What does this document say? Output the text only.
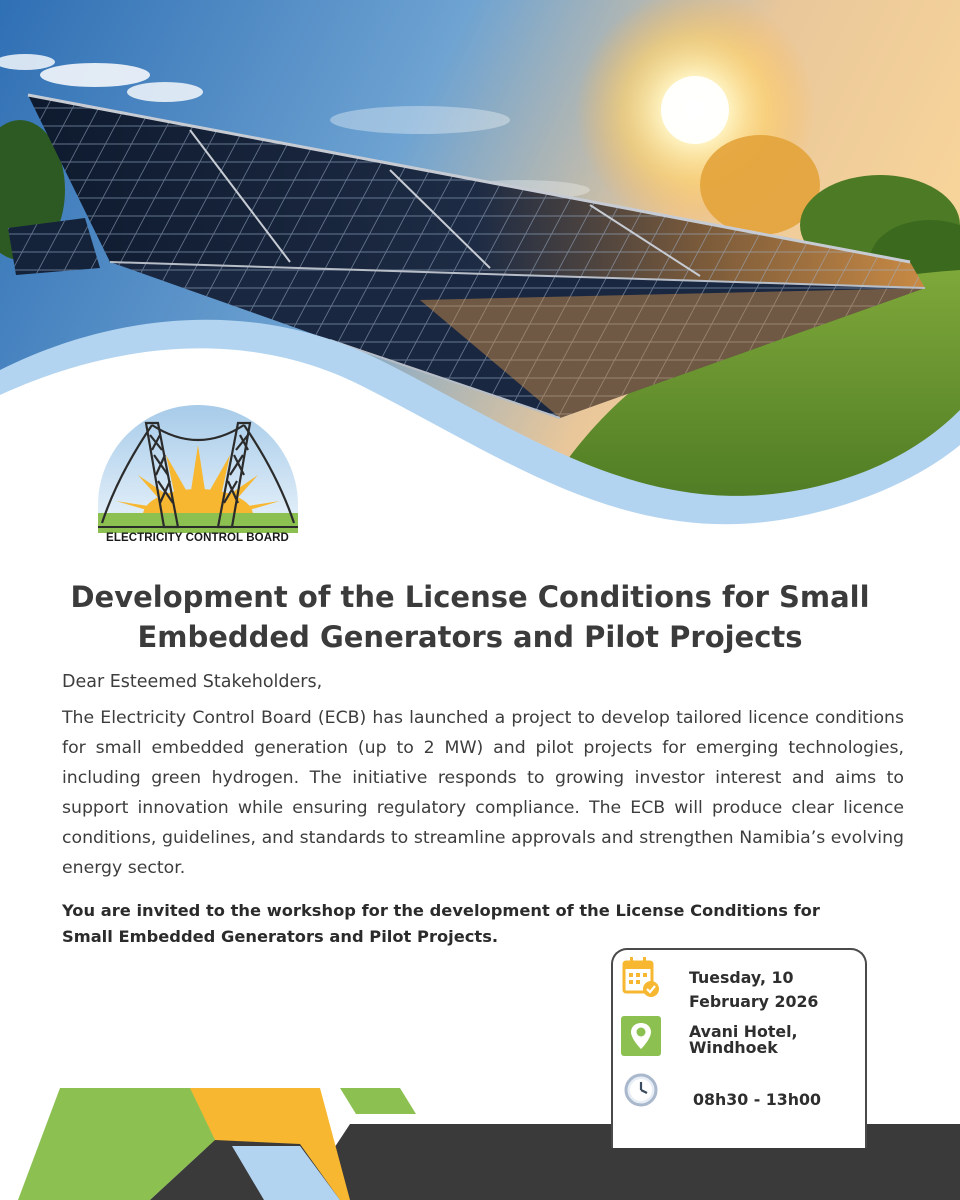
ELECTRICITY CONTROL BOARD
Development of the License Conditions for Small
Embedded Generators and Pilot Projects
Dear Esteemed Stakeholders,

The Electricity Control Board (ECB) has launched a project to develop tailored licence conditions for small embedded generation (up to 2 MW) and pilot projects for emerging technologies, including green hydrogen. The initiative responds to growing investor interest and aims to support innovation while ensuring regulatory compliance. The ECB will produce clear licence conditions, guidelines, and standards to streamline approvals and strengthen Namibia’s evolving energy sector.

You are invited to the workshop for the development of the License Conditions for
Small Embedded Generators and Pilot Projects.

Tuesday, 10
February 2026
Avani Hotel,
Windhoek
08h30 - 13h00
